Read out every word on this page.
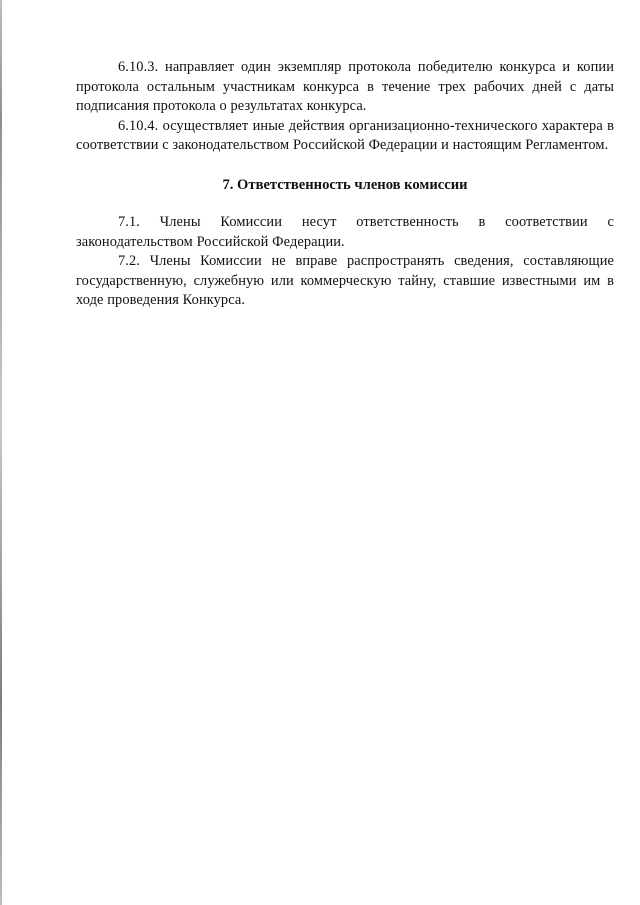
6.10.3. направляет один экземпляр протокола победителю конкурса и копии протокола остальным участникам конкурса в течение трех рабочих дней с даты подписания протокола о результатах конкурса.

6.10.4. осуществляет иные действия организационно-технического характера в соответствии с законодательством Российской Федерации и настоящим Регламентом.

7. Ответственность членов комиссии

7.1. Члены Комиссии несут ответственность в соответствии с законодательством Российской Федерации.

7.2. Члены Комиссии не вправе распространять сведения, составляющие государственную, служебную или коммерческую тайну, ставшие известными им в ходе проведения Конкурса.
